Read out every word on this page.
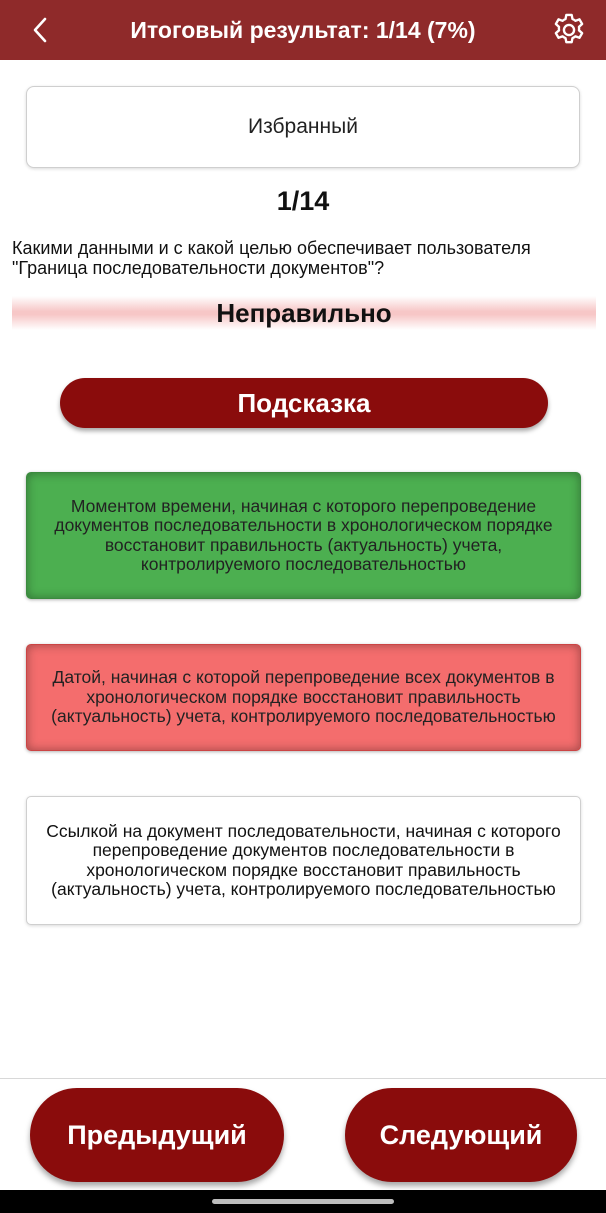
Итоговый результат: 1/14 (7%)
Избранный
1/14
Какими данными и с какой целью обеспечивает пользователя "Граница последовательности документов"?
Неправильно
Подсказка
Моментом времени, начиная с которого перепроведение документов последовательности в хронологическом порядке восстановит правильность (актуальность) учета, контролируемого последовательностью
Датой, начиная с которой перепроведение всех документов в хронологическом порядке восстановит правильность (актуальность) учета, контролируемого последовательностью
Ссылкой на документ последовательности, начиная с которого перепроведение документов последовательности в хронологическом порядке восстановит правильность (актуальность) учета, контролируемого последовательностью
Предыдущий	Следующий
